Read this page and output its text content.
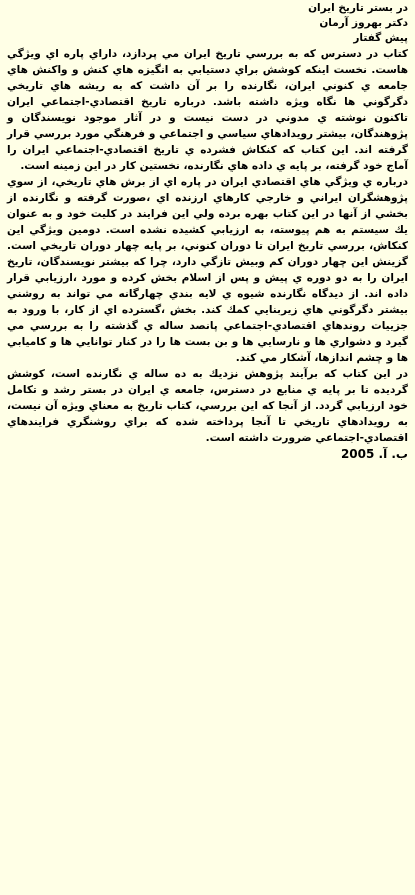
در بستر تاريخ ايران

دكتر بهروز آرمان

پيش گفتار

كتاب در دسترس كه به بررسي تاريخ ايران مي پردازد، داراي پاره اي ويژگي هاست. نخست اينكه كوشش براي دستيابي به انگيزه هاي كنش و واكنش هاي جامعه ي كنوني ايران، نگارنده را بر آن داشت كه به ريشه هاي تاريخي دگرگوني ها نگاه ويژه داشته باشد. درباره تاريخ اقتصادي-اجتماعي ايران تاكنون نوشته ي مدوني در دست نيست و در آثار موجود نويسندگان و پژوهندگان، بيشتر رويدادهاي سياسي و اجتماعي و فرهنگي مورد بررسي قرار گرفته اند. اين كتاب كه كنكاش فشرده ي تاريخ اقتصادي-اجتماعي ايران را آماج خود گرفته، بر پايه ي داده هاي نگارنده، نخستين كار در اين زمينه است.

درباره ي ويژگي هاي اقتصادي ايران در پاره اي از برش هاي تاريخي، از سوي پژوهشگران ايراني و خارجي كارهاي ارزنده اي ،صورت گرفته و نگارنده از بخشي از آنها در اين كتاب بهره برده ولي اين فرايند در كليت خود و به عنوان يك سيستم به هم پيوسته، به ارزيابي كشيده نشده است. دومين ويژگي اين كنكاش، بررسي تاريخ ايران تا دوران كنوني، بر پايه چهار دوران تاريخي است. گزينش اين چهار دوران كم وبيش تازگي دارد، چرا كه بيشتر نويسندگان، تاريخ ايران را به دو دوره ي پيش و پس از اسلام بخش كرده و مورد ،ارزيابي قرار داده اند. از ديدگاه نگارنده شيوه ي لايه بندي چهارگانه مي تواند به روشني بيشتر دگرگوني هاي زيربنايي كمك كند. بخش ،گسترده اي از كار، با ورود به جزييات روندهاي اقتصادي-اجتماعي پانصد ساله ي گذشته را به بررسي مي گيرد و دشواري ها و نارسايي ها و بن بست ها را در كنار توانايي ها و كاميابي ها و چشم اندازها، آشكار مي كند.

در اين كتاب كه برآيند پژوهش نزديك به ده ساله ي نگارنده است، كوشش گرديده تا بر پايه ي منابع در دسترس، جامعه ي ايران در بستر رشد و تكامل خود ارزيابي گردد. از آنجا كه اين بررسي، كتاب تاريخ به معناي ويژه آن نيست، به رويدادهاي تاريخي تا آنجا پرداخته شده كه براي روشنگري فرايندهاي اقتصادي-اجتماعي ضرورت داشته است.

ب. آ. 2005
